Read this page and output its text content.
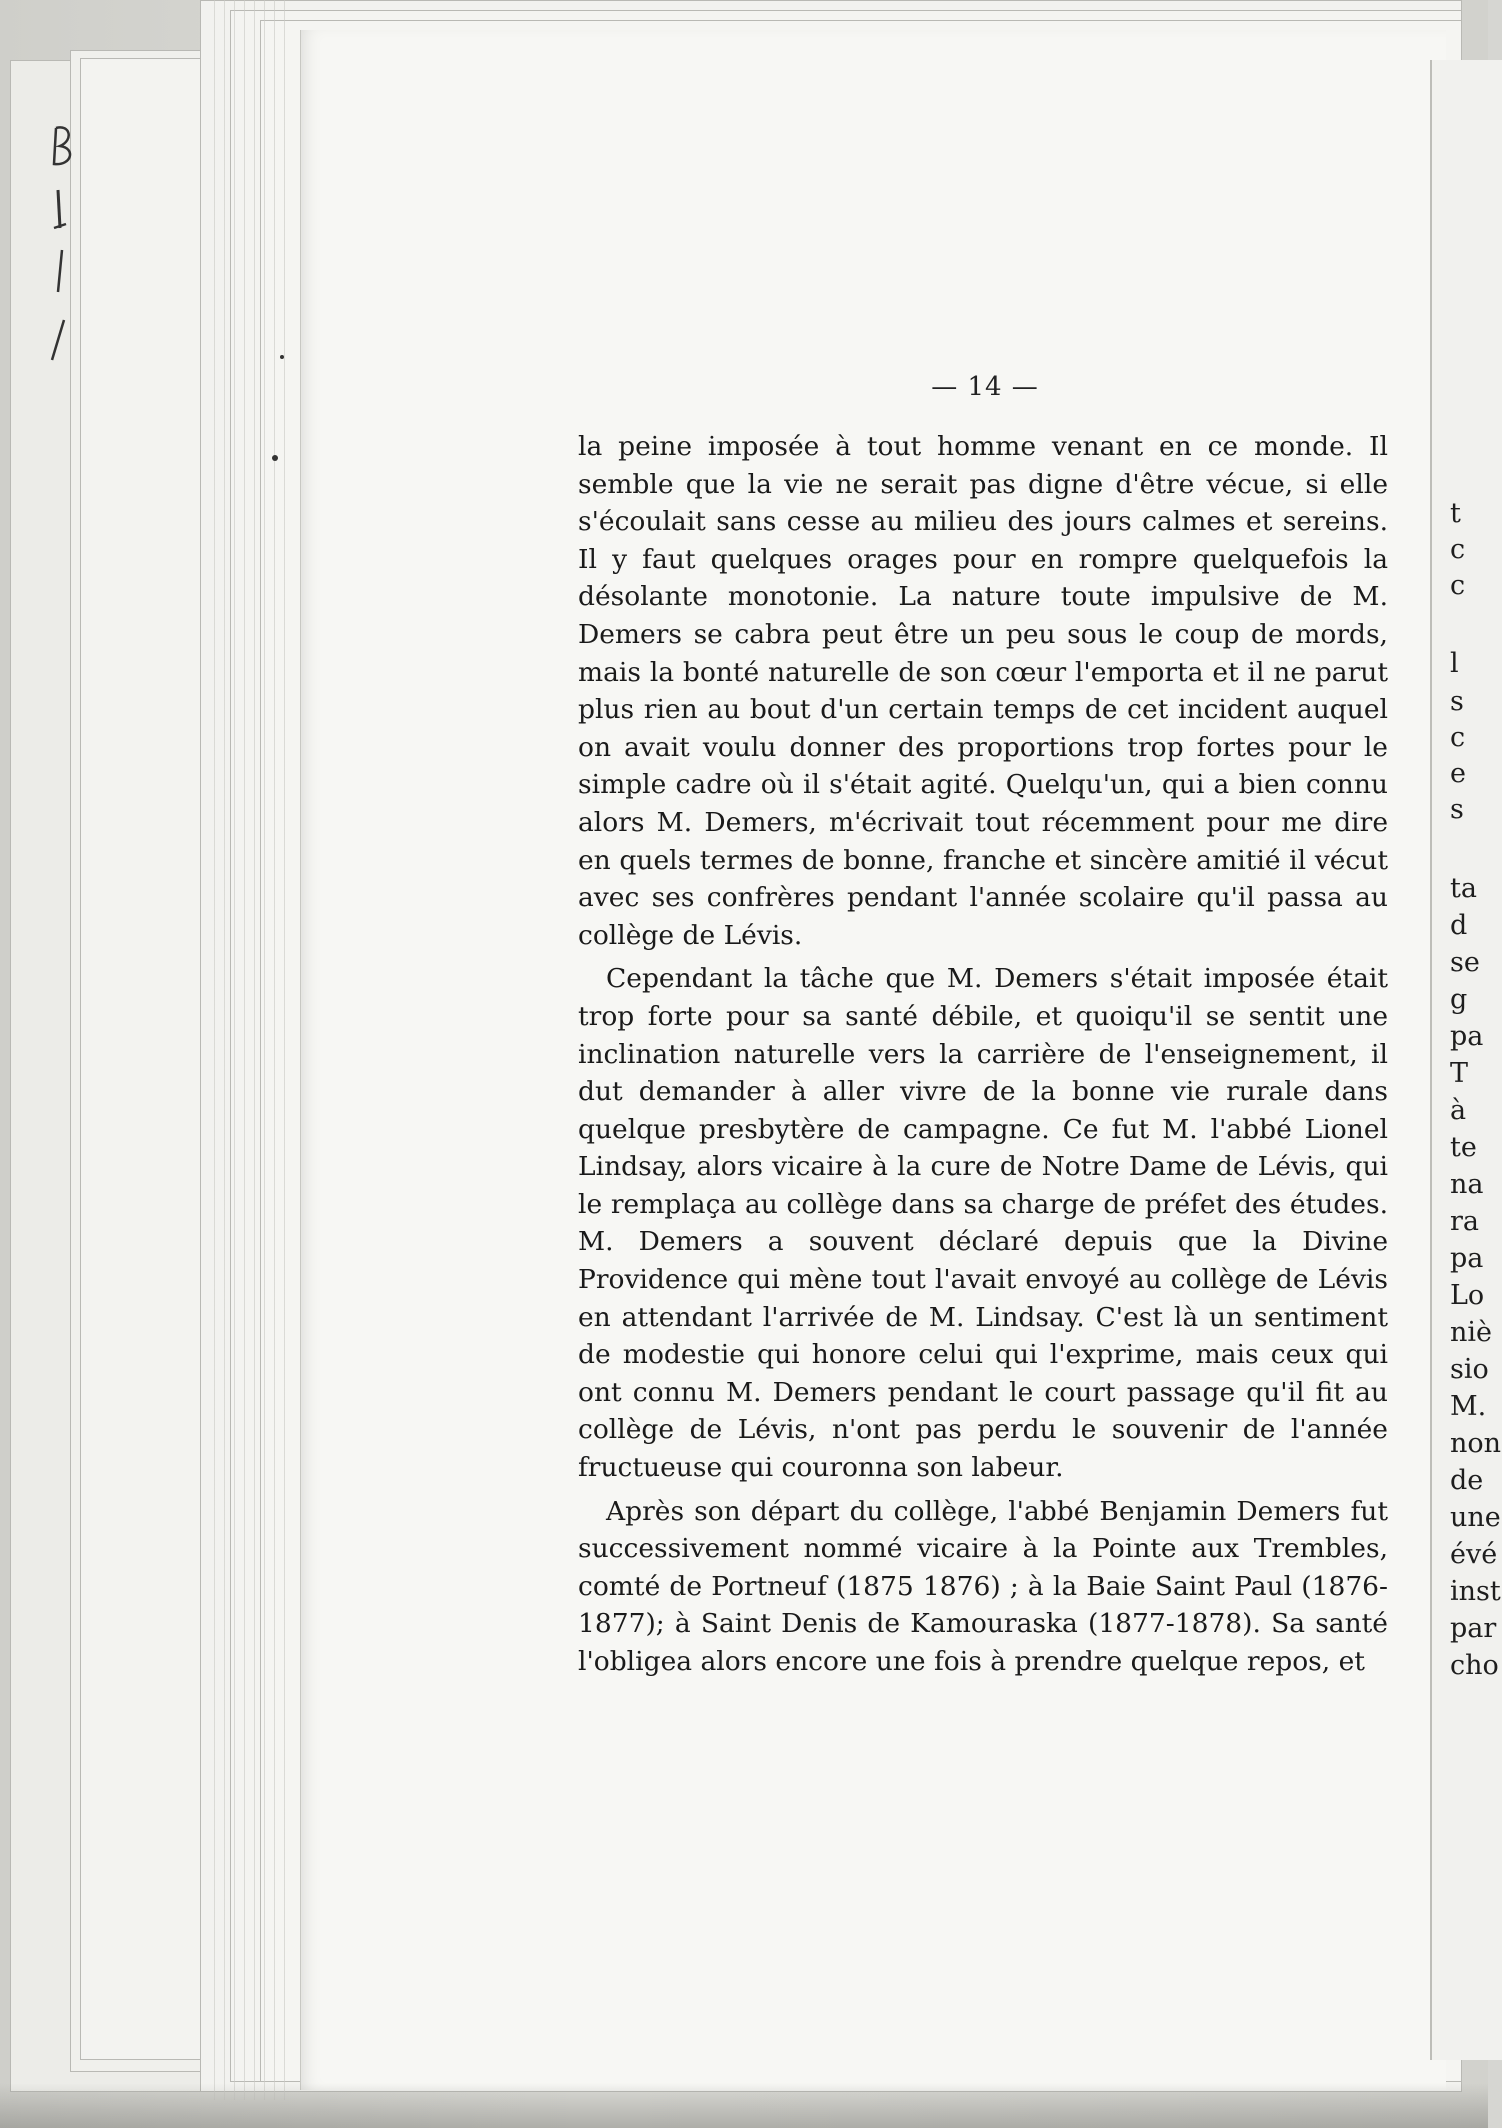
— 14 —

la peine imposée à tout homme venant en ce monde. Il semble que la vie ne serait pas digne d'être vécue, si elle s'écoulait sans cesse au milieu des jours calmes et sereins. Il y faut quelques orages pour en rompre quelquefois la désolante monotonie. La nature toute impulsive de M. Demers se cabra peut être un peu sous le coup de mords, mais la bonté naturelle de son cœur l'emporta et il ne parut plus rien au bout d'un certain temps de cet incident auquel on avait voulu donner des proportions trop fortes pour le simple cadre où il s'était agité. Quelqu'un, qui a bien connu alors M. Demers, m'écrivait tout récemment pour me dire en quels termes de bonne, franche et sincère amitié il vécut avec ses confrères pendant l'année scolaire qu'il passa au collège de Lévis.

Cependant la tâche que M. Demers s'était imposée était trop forte pour sa santé débile, et quoiqu'il se sentit une inclination naturelle vers la carrière de l'enseignement, il dut demander à aller vivre de la bonne vie rurale dans quelque presbytère de campagne. Ce fut M. l'abbé Lionel Lindsay, alors vicaire à la cure de Notre Dame de Lévis, qui le remplaça au collège dans sa charge de préfet des études. M. Demers a souvent déclaré depuis que la Divine Providence qui mène tout l'avait envoyé au collège de Lévis en attendant l'arrivée de M. Lindsay. C'est là un sentiment de modestie qui honore celui qui l'exprime, mais ceux qui ont connu M. Demers pendant le court passage qu'il fit au collège de Lévis, n'ont pas perdu le souvenir de l'année fructueuse qui couronna son labeur.

Après son départ du collège, l'abbé Benjamin Demers fut successivement nommé vicaire à la Pointe aux Trembles, comté de Portneuf (1875 1876) ; à la Baie Saint Paul (1876-1877); à Saint Denis de Kamouraska (1877-1878). Sa santé l'obligea alors encore une fois à prendre quelque repos, et

t
c
c
l
s
c
e
s
ta
d
se
g
pa
T
à
te
na
ra
pa
Lo
niè
sio
M.
non
de
une
évé
inst
par
cho
